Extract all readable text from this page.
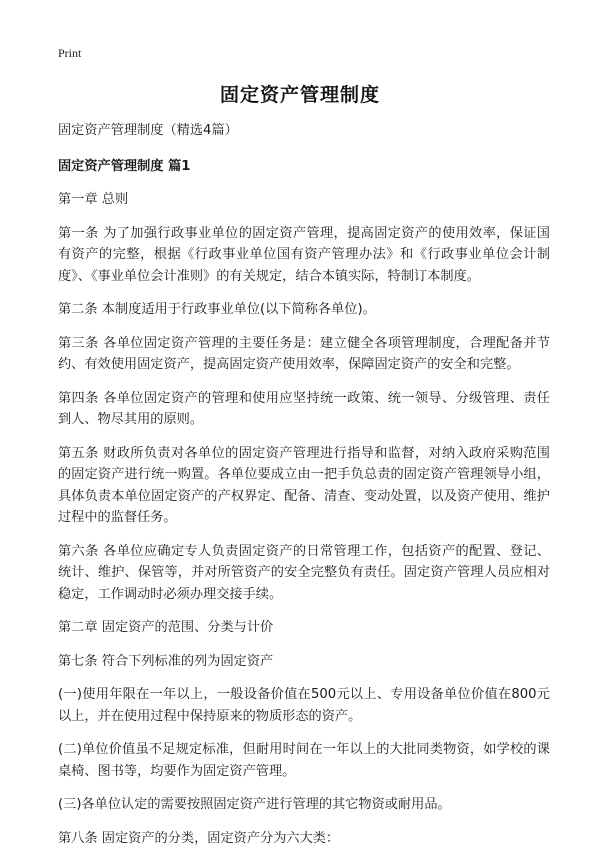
Print
固定资产管理制度

固定资产管理制度（精选4篇）

固定资产管理制度 篇1

第一章 总则

第一条 为了加强行政事业单位的固定资产管理，提高固定资产的使用效率，保证国有资产的完整，根据《行政事业单位国有资产管理办法》和《行政事业单位会计制度》、《事业单位会计准则》的有关规定，结合本镇实际，特制订本制度。

第二条 本制度适用于行政事业单位(以下简称各单位)。

第三条 各单位固定资产管理的主要任务是：建立健全各项管理制度，合理配备并节约、有效使用固定资产，提高固定资产使用效率，保障固定资产的安全和完整。

第四条 各单位固定资产的管理和使用应坚持统一政策、统一领导、分级管理、责任到人、物尽其用的原则。

第五条 财政所负责对各单位的固定资产管理进行指导和监督，对纳入政府采购范围的固定资产进行统一购置。各单位要成立由一把手负总责的固定资产管理领导小组，具体负责本单位固定资产的产权界定、配备、清查、变动处置，以及资产使用、维护过程中的监督任务。

第六条 各单位应确定专人负责固定资产的日常管理工作，包括资产的配置、登记、统计、维护、保管等，并对所管资产的安全完整负有责任。固定资产管理人员应相对稳定，工作调动时必须办理交接手续。

第二章 固定资产的范围、分类与计价

第七条 符合下列标准的列为固定资产

(一)使用年限在一年以上，一般设备价值在500元以上、专用设备单位价值在800元以上，并在使用过程中保持原来的物质形态的资产。

(二)单位价值虽不足规定标准，但耐用时间在一年以上的大批同类物资，如学校的课桌椅、图书等，均要作为固定资产管理。

(三)各单位认定的需要按照固定资产进行管理的其它物资或耐用品。

第八条 固定资产的分类，固定资产分为六大类：
